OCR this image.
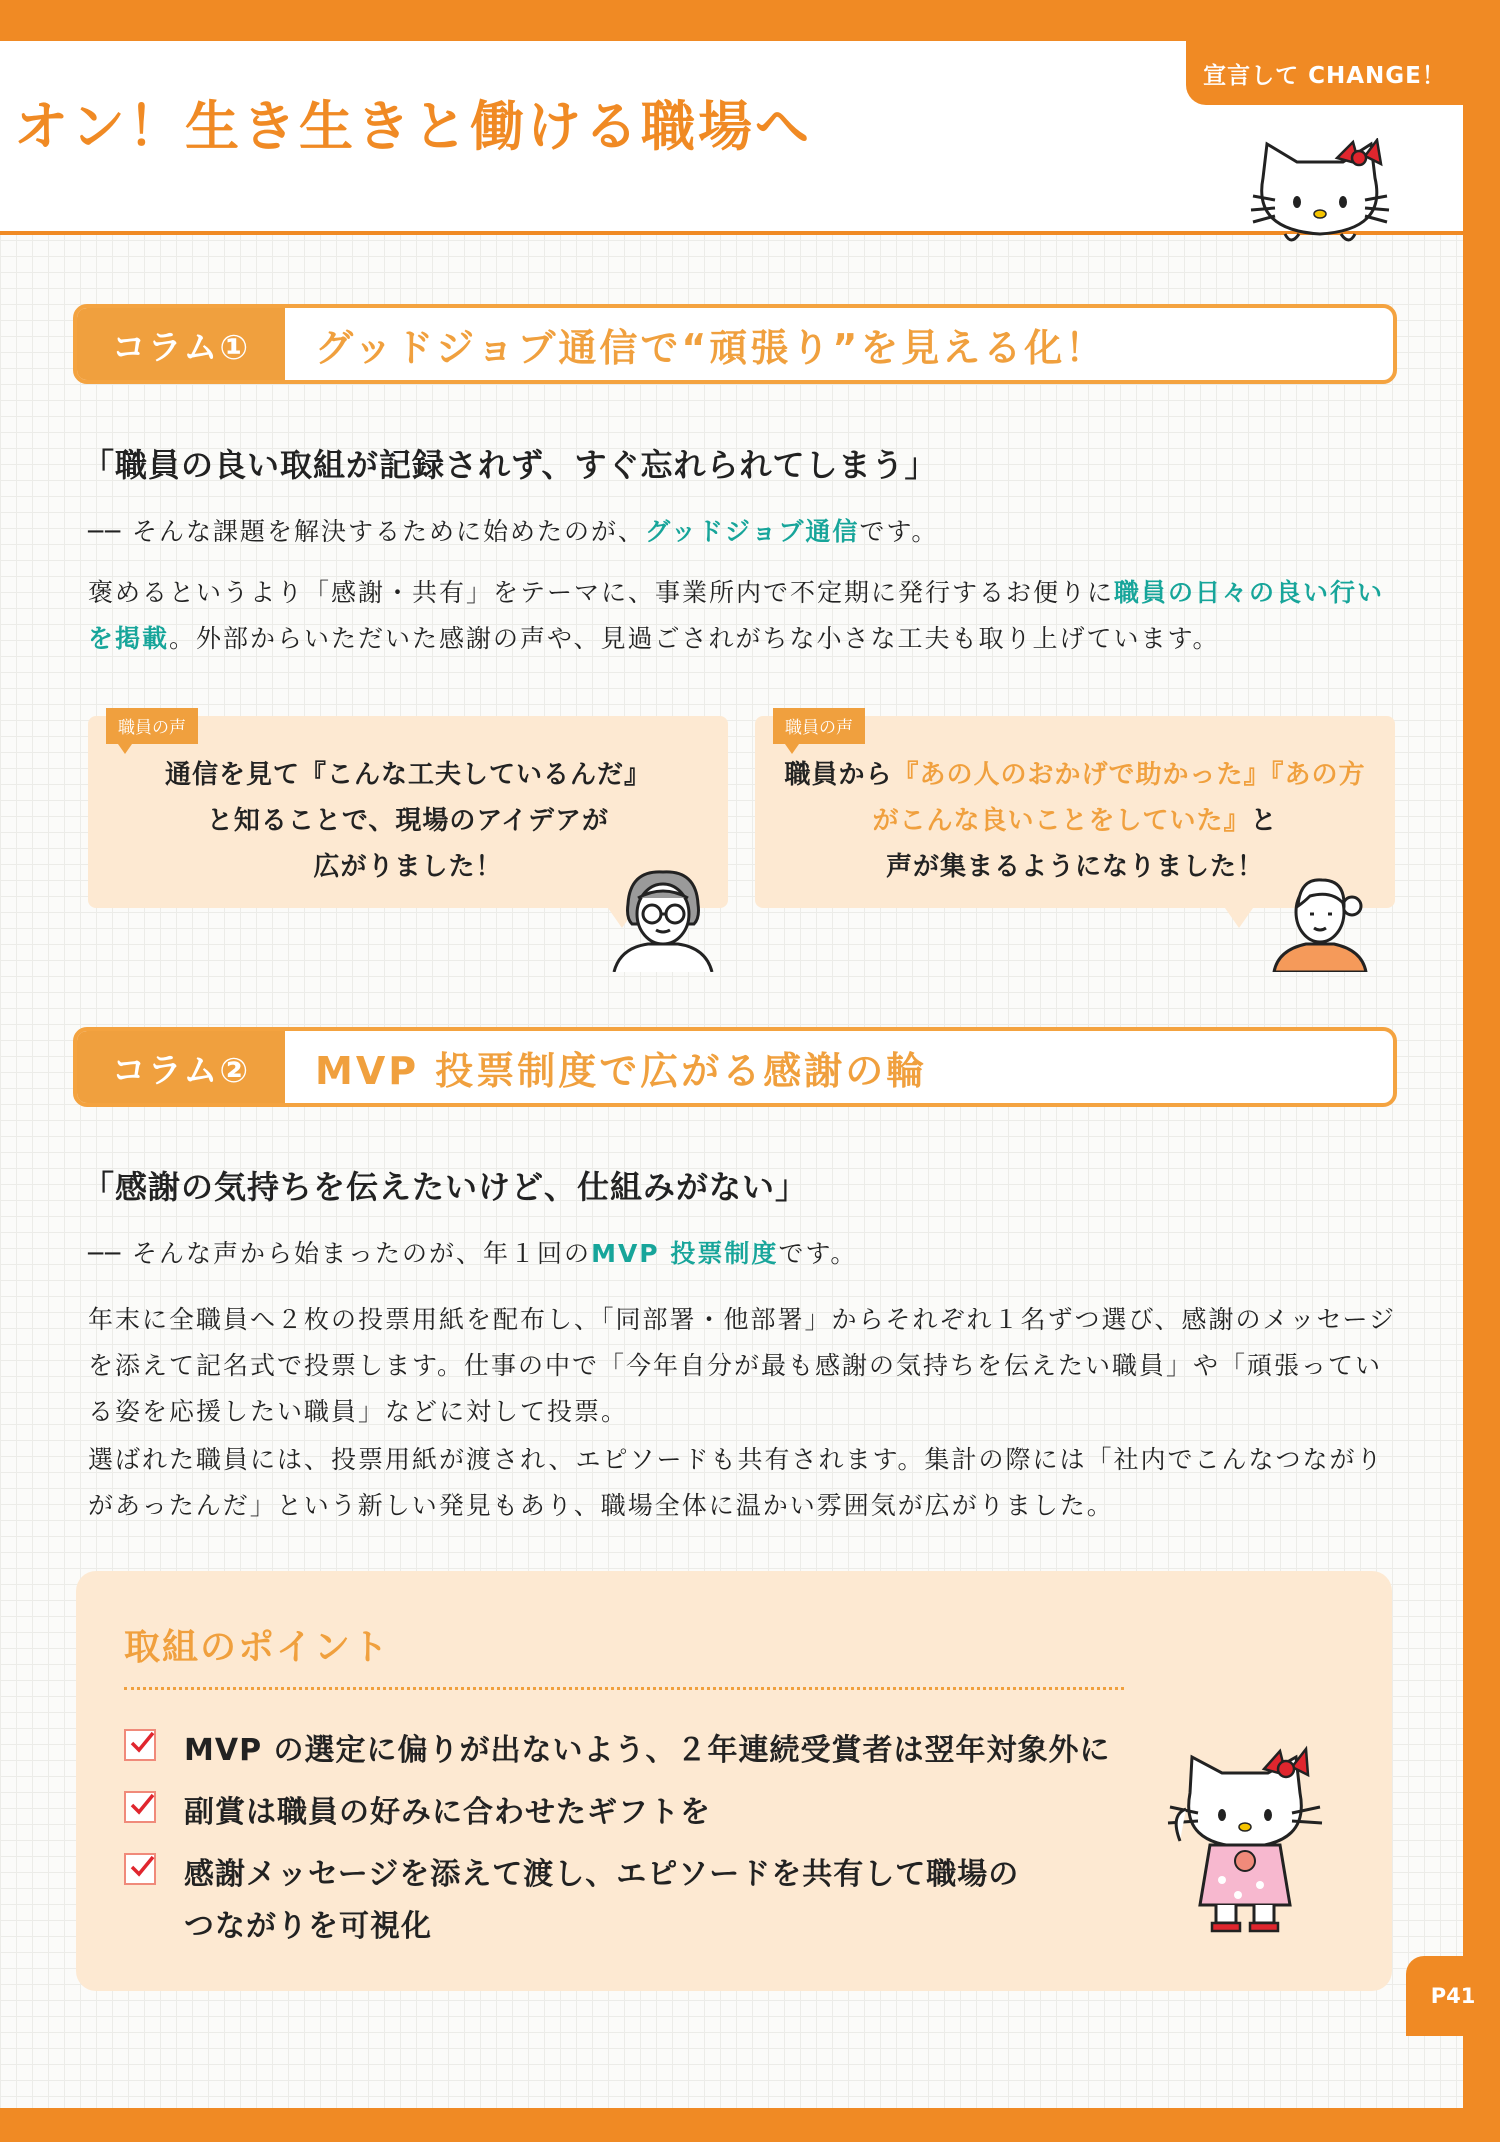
宣言して CHANGE！
オン！生き生きと働ける職場へ
コラム①	グッドジョブ通信で“頑張り”を見える化！

「職員の良い取組が記録されず、すぐ忘れられてしまう」

── そんな課題を解決するために始めたのが、グッドジョブ通信です。

褒めるというより「感謝・共有」をテーマに、事業所内で不定期に発行するお便りに職員の日々の良い行いを掲載。外部からいただいた感謝の声や、見過ごされがちな小さな工夫も取り上げています。

職員の声

通信を見て『こんな工夫しているんだ』
と知ることで、現場のアイデアが
広がりました！

職員の声

職員から『あの人のおかげで助かった』『あの方がこんな良いことをしていた』と
声が集まるようになりました！

コラム②	MVP 投票制度で広がる感謝の輪

「感謝の気持ちを伝えたいけど、仕組みがない」

── そんな声から始まったのが、年１回のMVP 投票制度です。

年末に全職員へ２枚の投票用紙を配布し、「同部署・他部署」からそれぞれ１名ずつ選び、感謝のメッセージを添えて記名式で投票します。仕事の中で「今年自分が最も感謝の気持ちを伝えたい職員」や「頑張っている姿を応援したい職員」などに対して投票。

選ばれた職員には、投票用紙が渡され、エピソードも共有されます。集計の際には「社内でこんなつながりがあったんだ」という新しい発見もあり、職場全体に温かい雰囲気が広がりました。

取組のポイント

MVP の選定に偏りが出ないよう、２年連続受賞者は翌年対象外に

副賞は職員の好みに合わせたギフトを

感謝メッセージを添えて渡し、エピソードを共有して職場の
つながりを可視化

P41
